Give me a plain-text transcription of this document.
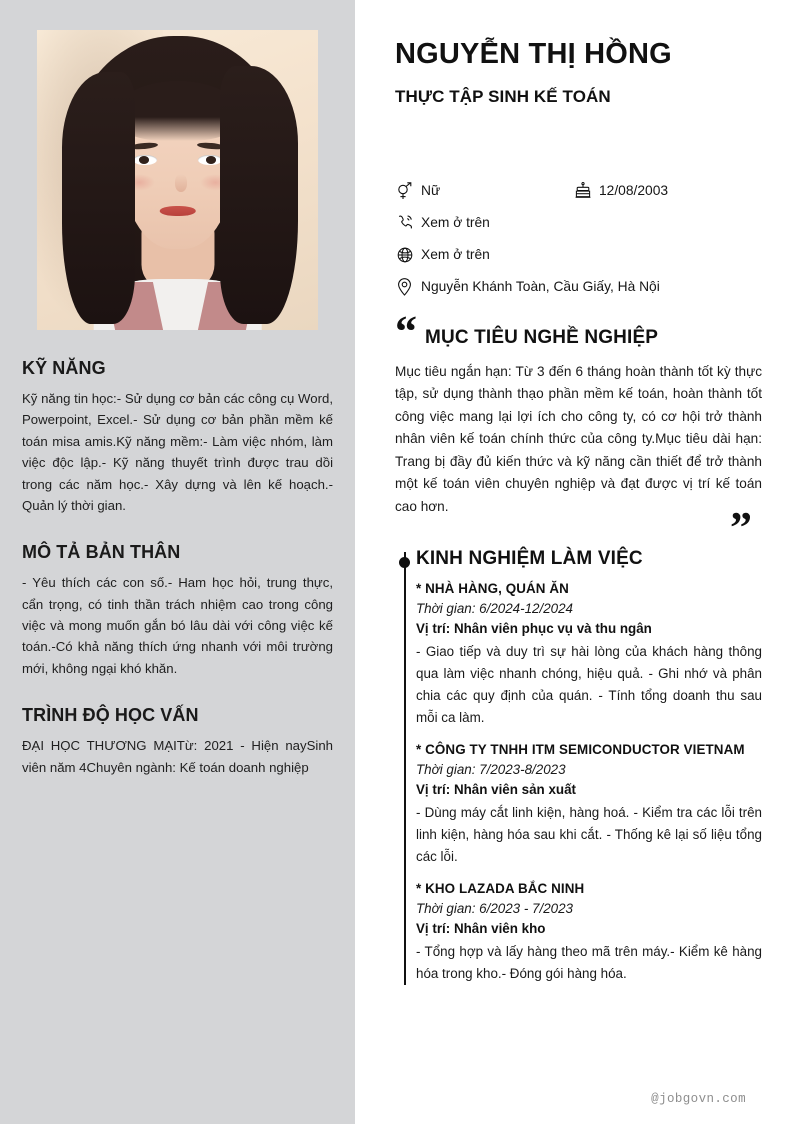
KỸ NĂNG

Kỹ năng tin học:- Sử dụng cơ bản các công cụ Word, Powerpoint, Excel.- Sử dụng cơ bản phần mềm kế toán misa amis.Kỹ năng mềm:- Làm việc nhóm, làm việc độc lập.- Kỹ năng thuyết trình được trau dồi trong các năm học.- Xây dựng và lên kế hoạch.- Quản lý thời gian.

MÔ TẢ BẢN THÂN

- Yêu thích các con số.- Ham học hỏi, trung thực, cẩn trọng, có tinh thần trách nhiệm cao trong công việc và mong muốn gắn bó lâu dài với công việc kế toán.-Có khả năng thích ứng nhanh với môi trường mới, không ngại khó khăn.

TRÌNH ĐỘ HỌC VẤN

ĐẠI HỌC THƯƠNG MẠITừ: 2021 - Hiện naySinh viên năm 4Chuyên ngành: Kế toán doanh nghiệp

NGUYỄN THỊ HỒNG
THỰC TẬP SINH KẾ TOÁN
Nữ	12/08/2003
Xem ở trên
Xem ở trên
Nguyễn Khánh Toàn, Cầu Giấy, Hà Nội
“ MỤC TIÊU NGHỀ NGHIỆP

Mục tiêu ngắn hạn: Từ 3 đến 6 tháng hoàn thành tốt kỳ thực tập, sử dụng thành thạo phần mềm kế toán, hoàn thành tốt công việc mang lại lợi ích cho công ty, có cơ hội trở thành nhân viên kế toán chính thức của công ty.Mục tiêu dài hạn: Trang bị đầy đủ kiến thức và kỹ năng cần thiết để trở thành một kế toán viên chuyên nghiệp và đạt được vị trí kế toán cao hơn.	”
KINH NGHIỆM LÀM VIỆC
* NHÀ HÀNG, QUÁN ĂN
Thời gian: 6/2024-12/2024
Vị trí: Nhân viên phục vụ và thu ngân
- Giao tiếp và duy trì sự hài lòng của khách hàng thông qua làm việc nhanh chóng, hiệu quả. - Ghi nhớ và phân chia các quy định của quán. - Tính tổng doanh thu sau mỗi ca làm.
* CÔNG TY TNHH ITM SEMICONDUCTOR VIETNAM
Thời gian: 7/2023-8/2023
Vị trí: Nhân viên sản xuất
- Dùng máy cắt linh kiện, hàng hoá. - Kiểm tra các lỗi trên linh kiện, hàng hóa sau khi cắt. - Thống kê lại số liệu tổng các lỗi.
* KHO LAZADA BẮC NINH
Thời gian: 6/2023 - 7/2023
Vị trí: Nhân viên kho
- Tổng hợp và lấy hàng theo mã trên máy.- Kiểm kê hàng hóa trong kho.- Đóng gói hàng hóa.
@jobgovn.com
